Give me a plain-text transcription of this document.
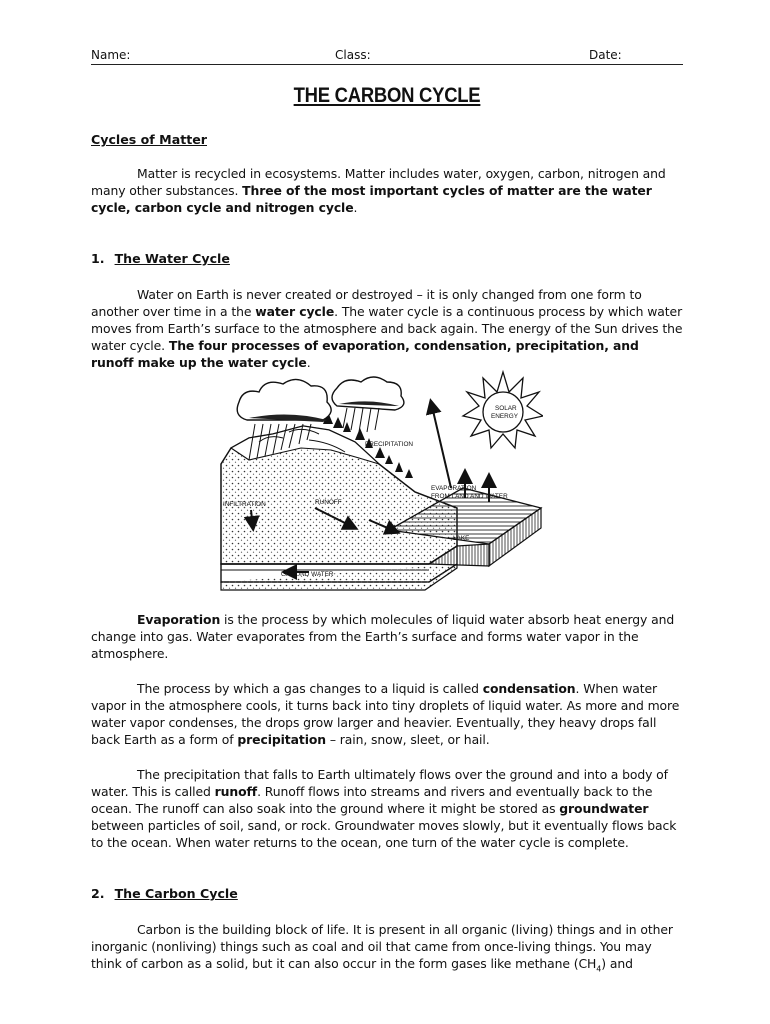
Name:	Class:	Date:
THE CARBON CYCLE
Cycles of Matter
Matter is recycled in ecosystems. Matter includes water, oxygen, carbon, nitrogen and many other substances. Three of the most important cycles of matter are the water cycle, carbon cycle and nitrogen cycle.
1. The Water Cycle
Water on Earth is never created or destroyed – it is only changed from one form to another over time in a the water cycle. The water cycle is a continuous process by which water moves from Earth’s surface to the atmosphere and back again. The energy of the Sun drives the water cycle. The four processes of evaporation, condensation, precipitation, and runoff make up the water cycle.
SOLAR
ENERGY
PRECIPITATION
EVAPORATION
FROM LAND AND WATER
INFILTRATION	RUNOFF
LAKE
GROUND WATER
Evaporation is the process by which molecules of liquid water absorb heat energy and change into gas. Water evaporates from the Earth’s surface and forms water vapor in the atmosphere.
The process by which a gas changes to a liquid is called condensation. When water vapor in the atmosphere cools, it turns back into tiny droplets of liquid water. As more and more water vapor condenses, the drops grow larger and heavier. Eventually, they heavy drops fall back Earth as a form of precipitation – rain, snow, sleet, or hail.
The precipitation that falls to Earth ultimately flows over the ground and into a body of water. This is called runoff. Runoff flows into streams and rivers and eventually back to the ocean. The runoff can also soak into the ground where it might be stored as groundwater between particles of soil, sand, or rock. Groundwater moves slowly, but it eventually flows back to the ocean. When water returns to the ocean, one turn of the water cycle is complete.
2. The Carbon Cycle
Carbon is the building block of life. It is present in all organic (living) things and in other inorganic (nonliving) things such as coal and oil that came from once-living things. You may think of carbon as a solid, but it can also occur in the form gases like methane $(CH_4)$ and
